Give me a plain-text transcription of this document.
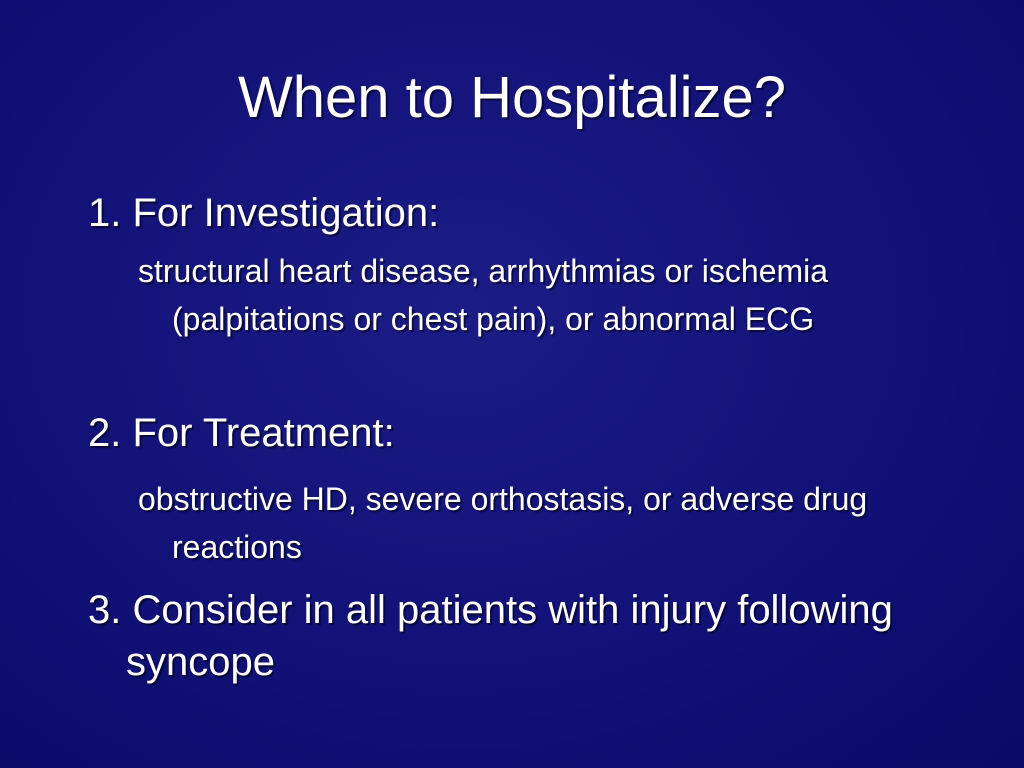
When to Hospitalize?
1. For Investigation:
structural heart disease, arrhythmias or ischemia (palpitations or chest pain), or abnormal ECG
2. For Treatment:
obstructive HD, severe orthostasis, or adverse drug reactions
3. Consider in all patients with injury following syncope
